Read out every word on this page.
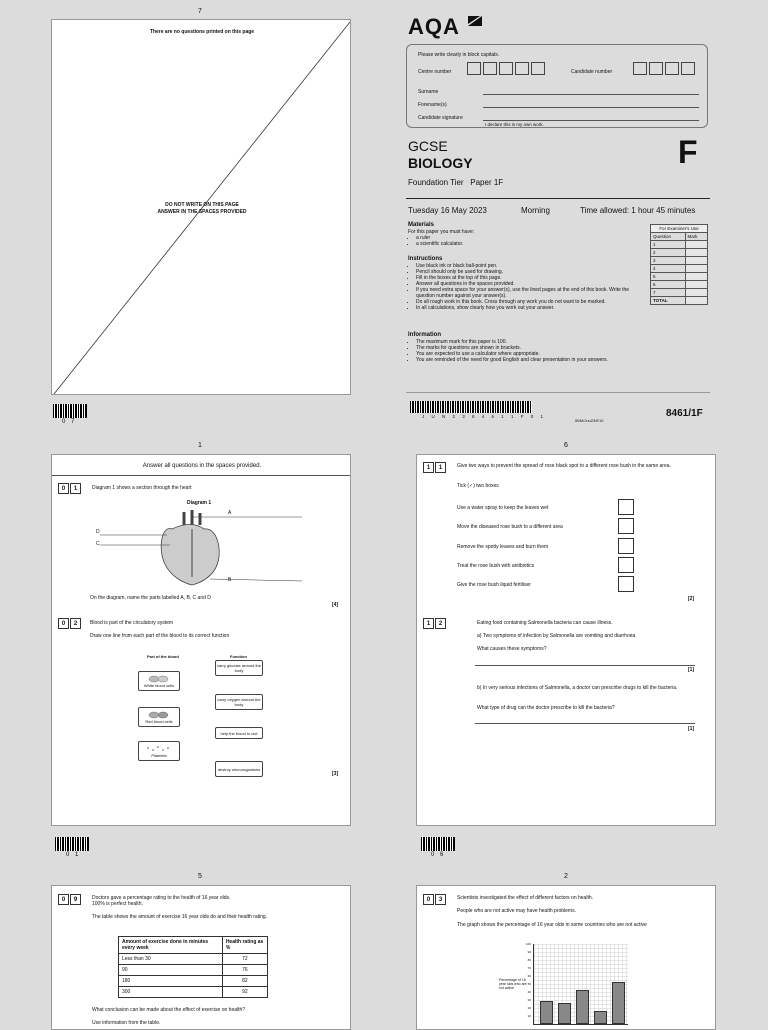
7
There are no questions printed on this page
DO NOT WRITE ON THIS PAGE
ANSWER IN THE SPACES PROVIDED
0 7
AQA
Please write clearly in block capitals.
Centre number	Candidate number
Surname
Forename(s)
Candidate signature
I declare this is my own work.
GCSE
BIOLOGY	F
Foundation Tier   Paper 1F
Tuesday 16 May 2023	Morning	Time allowed: 1 hour 45 minutes
Materials
For this paper you must have:
• a ruler
• a scientific calculator.
Instructions
• Use black ink or black ball-point pen.
• Pencil should only be used for drawing.
• Fill in the boxes at the top of this page.
• Answer all questions in the spaces provided.
• If you need extra space for your answer(s), use the lined pages at the end of this book. Write the question number against your answer(s).
• Do all rough work in this book. Cross through any work you do not want to be marked.
• In all calculations, show clearly how you work out your answer.
Information
• The maximum mark for this paper is 100.
• The marks for questions are shown in brackets.
• You are expected to use a calculator where appropriate.
• You are reminded of the need for good English and clear presentation in your answers.
For Examiner's Use	
Question	Mark
1	
2	
3	
4	
5	
6	
7	
TOTAL	
J U N 2 3 8 4 6 1 1 F 0 1
IB/M/Jun23/E10
8461/1F
1
Answer all questions in the spaces provided.
0	1	Diagram 1 shows a section through the heart
Diagram 1
A
B
C
D
On the diagram, name the parts labelled A, B, C and D
[4]
0	2	Blood is part of the circulatory system
Draw one line from each part of the blood to its correct function
Part of the blood	Function
White blood cells
Red blood cells
Platelets
carry glucose around the body
carry oxygen around the body
help the blood to clot
destroy microorganisms
[3]
0 1
6
1	1	Give two ways to prevent the spread of rose black spot to a different rose bush in the same area.
Tick (✓) two boxes
Use a water spray to keep the leaves wet
Move the diseased rose bush to a different area
Remove the spotty leaves and burn them
Treat the rose bush with antibiotics
Give the rose bush liquid fertiliser
[2]
1	2	Eating food containing Salmonella bacteria can cause illness.
a) Two symptoms of infection by Salmonella are vomiting and diarrhoea
What causes these symptoms?
[1]
b) In very serious infections of Salmonella, a doctor can prescribe drugs to kill the bacteria.
What type of drug can the doctor prescribe to kill the bacteria?
[1]
0 6
5
0	9	Doctors gave a percentage rating to the health of 16 year olds.
100% is perfect health.
The table shows the amount of exercise 16 year olds do and their health rating.
Amount of exercise done in minutes every week	Health rating as %
Less than 30	72
90	76
180	82
300	92
What conclusion can be made about the effect of exercise on health?
Use information from the table.
2
0	3	Scientists investigated the effect of different factors on health.
People who are not active may have health problems.
The graph shows the percentage of 16 year olds in some countries who are not active
Percentage of 16 year olds who are not active
100
90
80
70
60
50
40
30
20
10
